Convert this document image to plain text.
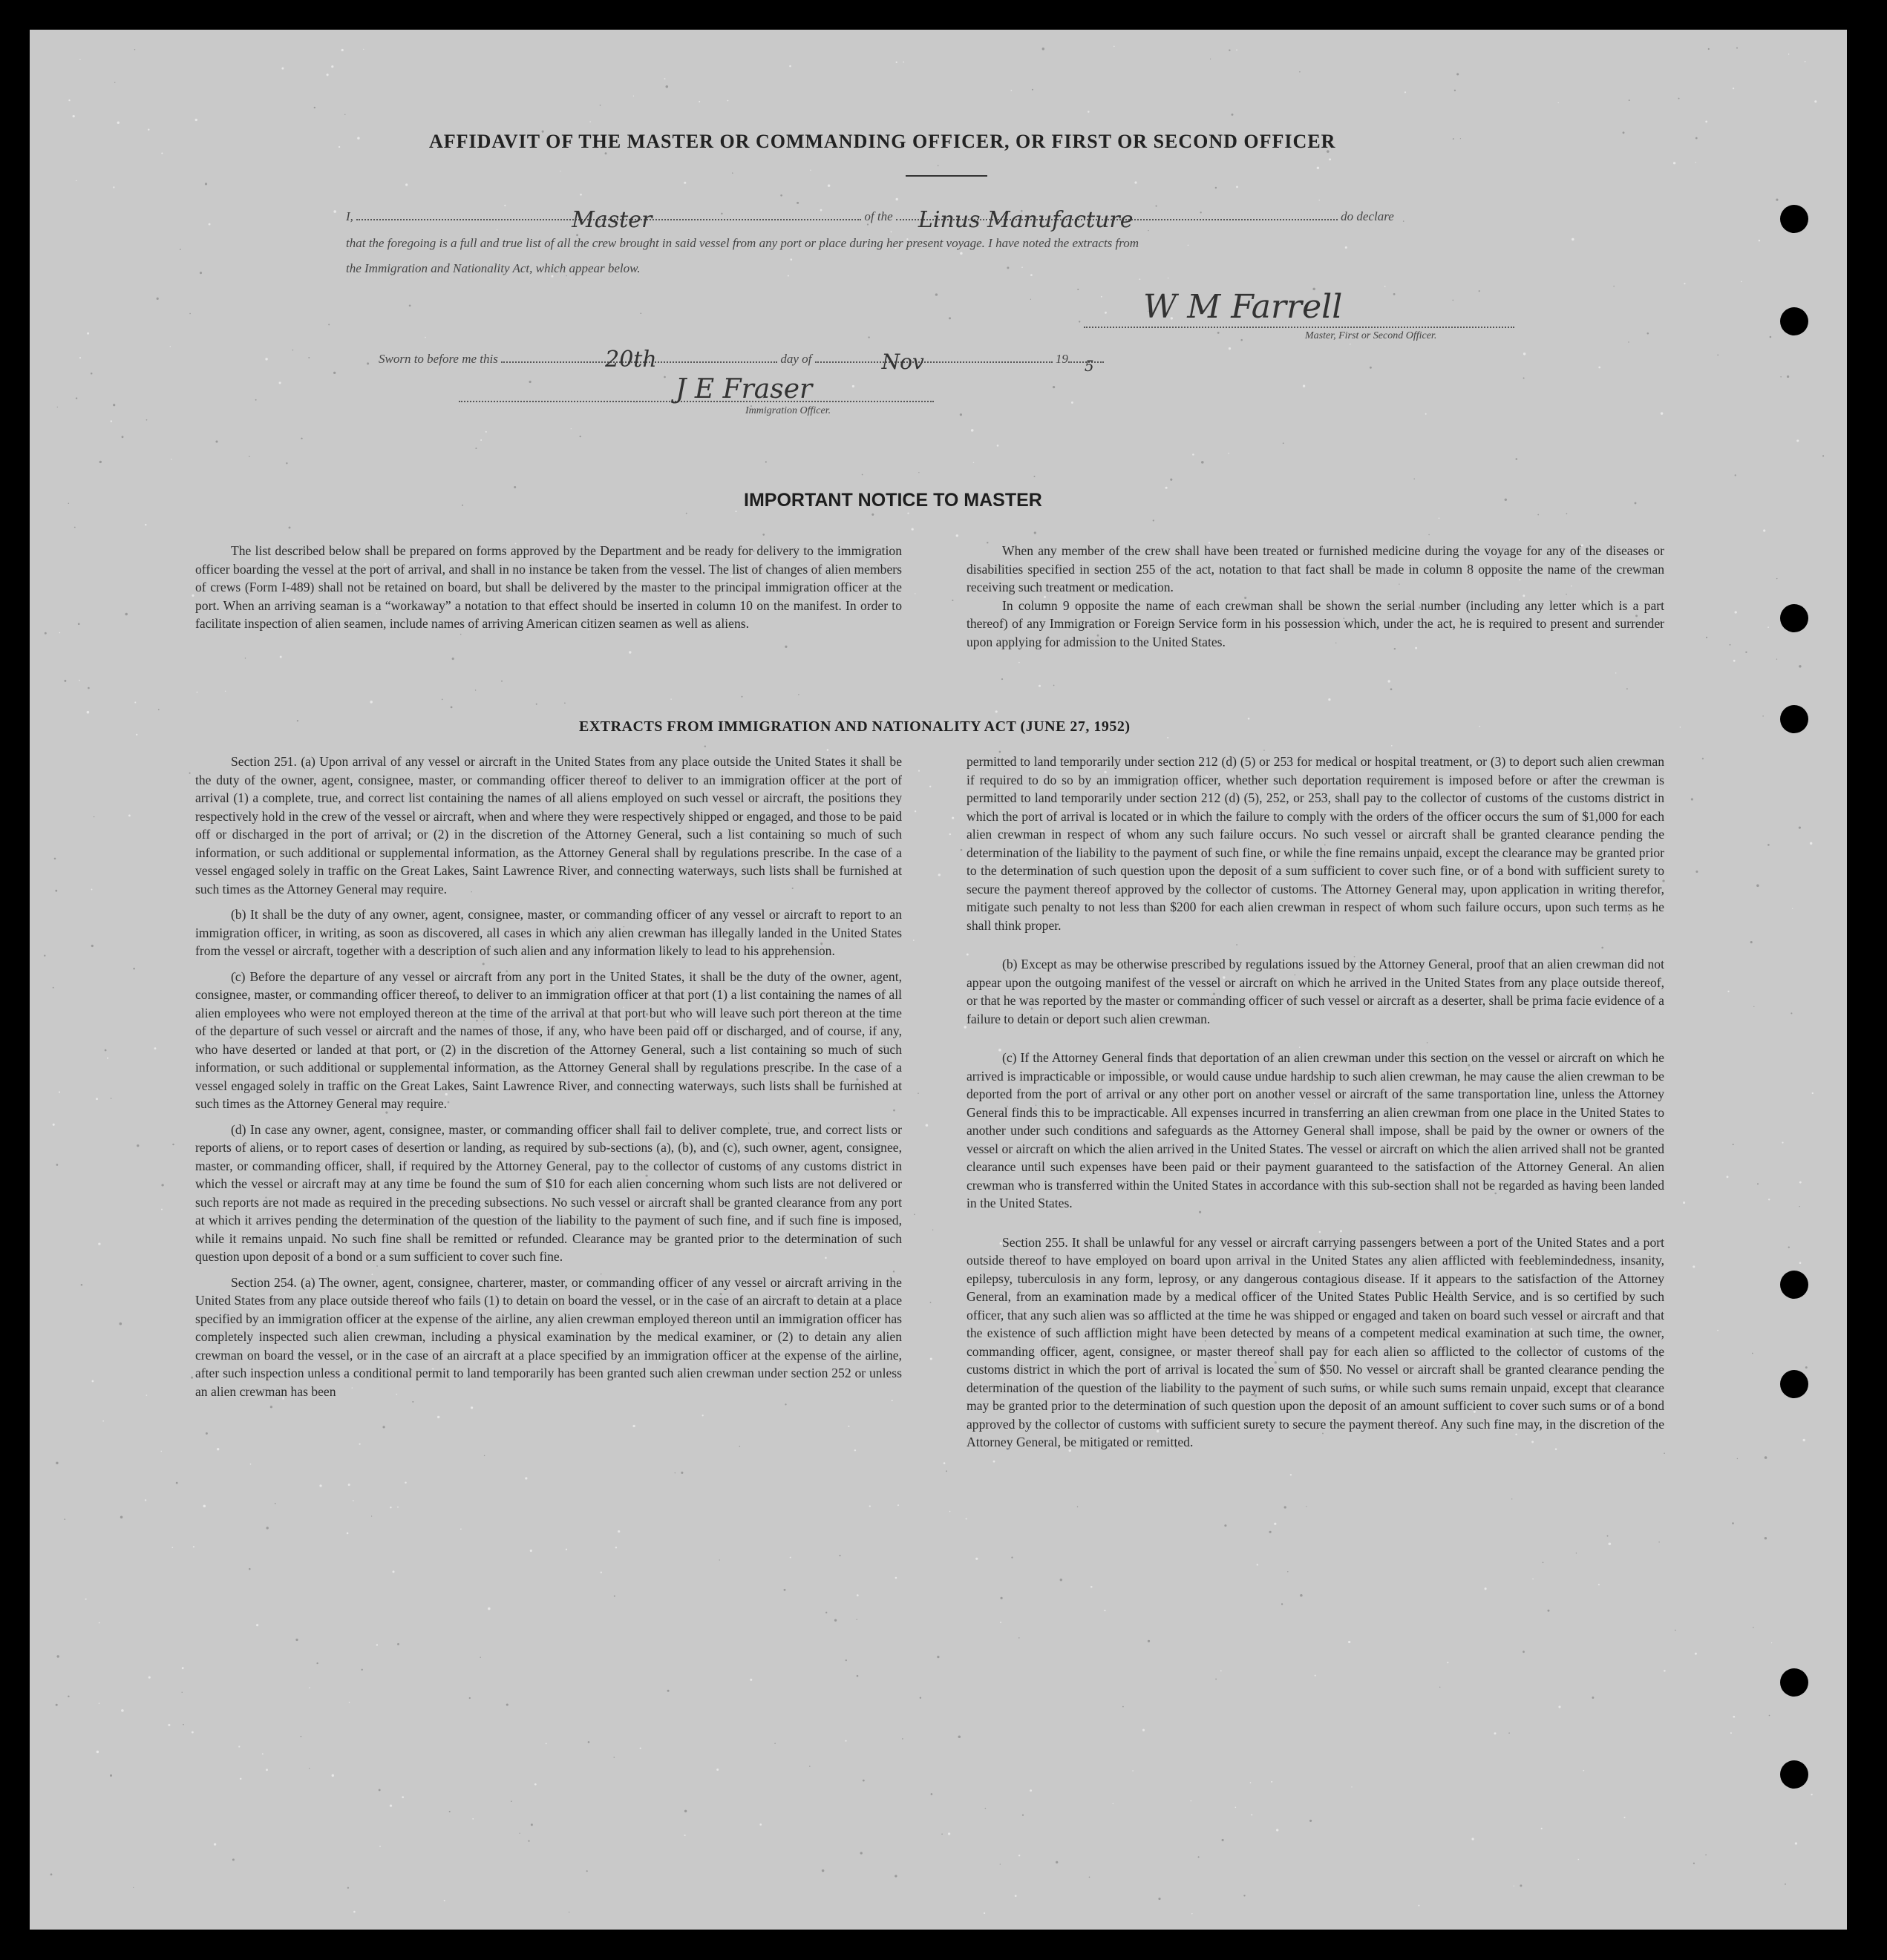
AFFIDAVIT OF THE MASTER OR COMMANDING OFFICER, OR FIRST OR SECOND OFFICER
I,	Master	of the Linus Manufacture	do declare
that the foregoing is a full and true list of all the crew brought in said vessel from any port or place during her present voyage. I have noted the extracts from
the Immigration and Nationality Act, which appear below.
W M Farrell
Master, First or Second Officer.
Sworn to before me this	20th	day of	Nov	19 5
J E Fraser
Immigration Officer.
IMPORTANT NOTICE TO MASTER

The list described below shall be prepared on forms approved by the Department and be ready for delivery to the immigration officer boarding the vessel at the port of arrival, and shall in no instance be taken from the vessel. The list of changes of alien members of crews (Form I-489) shall not be retained on board, but shall be delivered by the master to the principal immigration officer at the port. When an arriving seaman is a “workaway” a notation to that effect should be inserted in column 10 on the manifest. In order to facilitate inspection of alien seamen, include names of arriving American citizen seamen as well as aliens.

When any member of the crew shall have been treated or furnished medicine during the voyage for any of the diseases or disabilities specified in section 255 of the act, notation to that fact shall be made in column 8 opposite the name of the crewman receiving such treatment or medication.

In column 9 opposite the name of each crewman shall be shown the serial number (including any letter which is a part thereof) of any Immigration or Foreign Service form in his possession which, under the act, he is required to present and surrender upon applying for admission to the United States.

EXTRACTS FROM IMMIGRATION AND NATIONALITY ACT (JUNE 27, 1952)

Section 251. (a) Upon arrival of any vessel or aircraft in the United States from any place outside the United States it shall be the duty of the owner, agent, consignee, master, or commanding officer thereof to deliver to an immigration officer at the port of arrival (1) a complete, true, and correct list containing the names of all aliens employed on such vessel or aircraft, the positions they respectively hold in the crew of the vessel or aircraft, when and where they were respectively shipped or engaged, and those to be paid off or discharged in the port of arrival; or (2) in the discretion of the Attorney General, such a list containing so much of such information, or such additional or supplemental information, as the Attorney General shall by regulations prescribe. In the case of a vessel engaged solely in traffic on the Great Lakes, Saint Lawrence River, and connecting waterways, such lists shall be furnished at such times as the Attorney General may require.

(b) It shall be the duty of any owner, agent, consignee, master, or commanding officer of any vessel or aircraft to report to an immigration officer, in writing, as soon as discovered, all cases in which any alien crewman has illegally landed in the United States from the vessel or aircraft, together with a description of such alien and any information likely to lead to his apprehension.

(c) Before the departure of any vessel or aircraft from any port in the United States, it shall be the duty of the owner, agent, consignee, master, or commanding officer thereof, to deliver to an immigration officer at that port (1) a list containing the names of all alien employees who were not employed thereon at the time of the arrival at that port but who will leave such port thereon at the time of the departure of such vessel or aircraft and the names of those, if any, who have been paid off or discharged, and of course, if any, who have deserted or landed at that port, or (2) in the discretion of the Attorney General, such a list containing so much of such information, or such additional or supplemental information, as the Attorney General shall by regulations prescribe. In the case of a vessel engaged solely in traffic on the Great Lakes, Saint Lawrence River, and connecting waterways, such lists shall be furnished at such times as the Attorney General may require.

(d) In case any owner, agent, consignee, master, or commanding officer shall fail to deliver complete, true, and correct lists or reports of aliens, or to report cases of desertion or landing, as required by sub-sections (a), (b), and (c), such owner, agent, consignee, master, or commanding officer, shall, if required by the Attorney General, pay to the collector of customs of any customs district in which the vessel or aircraft may at any time be found the sum of $10 for each alien concerning whom such lists are not delivered or such reports are not made as required in the preceding subsections. No such vessel or aircraft shall be granted clearance from any port at which it arrives pending the determination of the question of the liability to the payment of such fine, and if such fine is imposed, while it remains unpaid. No such fine shall be remitted or refunded. Clearance may be granted prior to the determination of such question upon deposit of a bond or a sum sufficient to cover such fine.

Section 254. (a) The owner, agent, consignee, charterer, master, or commanding officer of any vessel or aircraft arriving in the United States from any place outside thereof who fails (1) to detain on board the vessel, or in the case of an aircraft to detain at a place specified by an immigration officer at the expense of the airline, any alien crewman employed thereon until an immigration officer has completely inspected such alien crewman, including a physical examination by the medical examiner, or (2) to detain any alien crewman on board the vessel, or in the case of an aircraft at a place specified by an immigration officer at the expense of the airline, after such inspection unless a conditional permit to land temporarily has been granted such alien crewman under section 252 or unless an alien crewman has been

permitted to land temporarily under section 212 (d) (5) or 253 for medical or hospital treatment, or (3) to deport such alien crewman if required to do so by an immigration officer, whether such deportation requirement is imposed before or after the crewman is permitted to land temporarily under section 212 (d) (5), 252, or 253, shall pay to the collector of customs of the customs district in which the port of arrival is located or in which the failure to comply with the orders of the officer occurs the sum of $1,000 for each alien crewman in respect of whom any such failure occurs. No such vessel or aircraft shall be granted clearance pending the determination of the liability to the payment of such fine, or while the fine remains unpaid, except the clearance may be granted prior to the determination of such question upon the deposit of a sum sufficient to cover such fine, or of a bond with sufficient surety to secure the payment thereof approved by the collector of customs. The Attorney General may, upon application in writing therefor, mitigate such penalty to not less than $200 for each alien crewman in respect of whom such failure occurs, upon such terms as he shall think proper.

(b) Except as may be otherwise prescribed by regulations issued by the Attorney General, proof that an alien crewman did not appear upon the outgoing manifest of the vessel or aircraft on which he arrived in the United States from any place outside thereof, or that he was reported by the master or commanding officer of such vessel or aircraft as a deserter, shall be prima facie evidence of a failure to detain or deport such alien crewman.

(c) If the Attorney General finds that deportation of an alien crewman under this section on the vessel or aircraft on which he arrived is impracticable or impossible, or would cause undue hardship to such alien crewman, he may cause the alien crewman to be deported from the port of arrival or any other port on another vessel or aircraft of the same transportation line, unless the Attorney General finds this to be impracticable. All expenses incurred in transferring an alien crewman from one place in the United States to another under such conditions and safeguards as the Attorney General shall impose, shall be paid by the owner or owners of the vessel or aircraft on which the alien arrived in the United States. The vessel or aircraft on which the alien arrived shall not be granted clearance until such expenses have been paid or their payment guaranteed to the satisfaction of the Attorney General. An alien crewman who is transferred within the United States in accordance with this sub-section shall not be regarded as having been landed in the United States.

Section 255. It shall be unlawful for any vessel or aircraft carrying passengers between a port of the United States and a port outside thereof to have employed on board upon arrival in the United States any alien afflicted with feeblemindedness, insanity, epilepsy, tuberculosis in any form, leprosy, or any dangerous contagious disease. If it appears to the satisfaction of the Attorney General, from an examination made by a medical officer of the United States Public Health Service, and is so certified by such officer, that any such alien was so afflicted at the time he was shipped or engaged and taken on board such vessel or aircraft and that the existence of such affliction might have been detected by means of a competent medical examination at such time, the owner, commanding officer, agent, consignee, or master thereof shall pay for each alien so afflicted to the collector of customs of the customs district in which the port of arrival is located the sum of $50. No vessel or aircraft shall be granted clearance pending the determination of the question of the liability to the payment of such sums, or while such sums remain unpaid, except that clearance may be granted prior to the determination of such question upon the deposit of an amount sufficient to cover such sums or of a bond approved by the collector of customs with sufficient surety to secure the payment thereof. Any such fine may, in the discretion of the Attorney General, be mitigated or remitted.
